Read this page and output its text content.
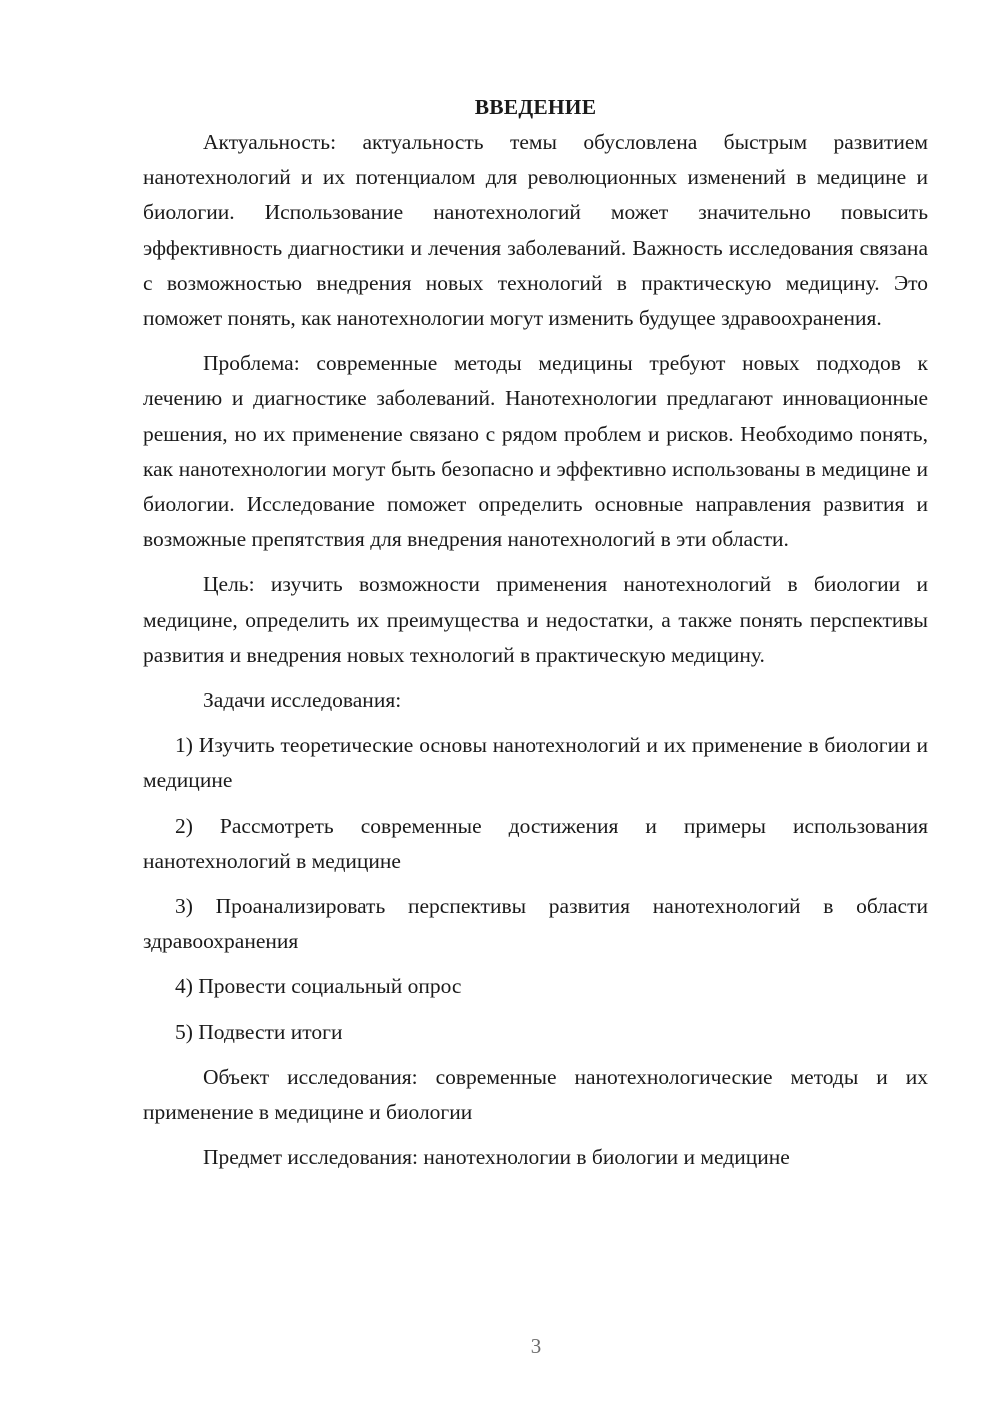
ВВЕДЕНИЕ

Актуальность: актуальность темы обусловлена быстрым развитием нанотехнологий и их потенциалом для революционных изменений в медицине и биологии. Использование нанотехнологий может значительно повысить эффективность диагностики и лечения заболеваний. Важность исследования связана с возможностью внедрения новых технологий в практическую медицину. Это поможет понять, как нанотехнологии могут изменить будущее здравоохранения.

Проблема: современные методы медицины требуют новых подходов к лечению и диагностике заболеваний. Нанотехнологии предлагают инновационные решения, но их применение связано с рядом проблем и рисков. Необходимо понять, как нанотехнологии могут быть безопасно и эффективно использованы в медицине и биологии. Исследование поможет определить основные направления развития и возможные препятствия для внедрения нанотехнологий в эти области.

Цель: изучить возможности применения нанотехнологий в биологии и медицине, определить их преимущества и недостатки, а также понять перспективы развития и внедрения новых технологий в практическую медицину.

Задачи исследования:

1) Изучить теоретические основы нанотехнологий и их применение в биологии и медицине

2) Рассмотреть современные достижения и примеры использования нанотехнологий в медицине

3) Проанализировать перспективы развития нанотехнологий в области здравоохранения

4) Провести социальный опрос

5) Подвести итоги

Объект исследования: современные нанотехнологические методы и их применение в медицине и биологии

Предмет исследования: нанотехнологии в биологии и медицине

3
